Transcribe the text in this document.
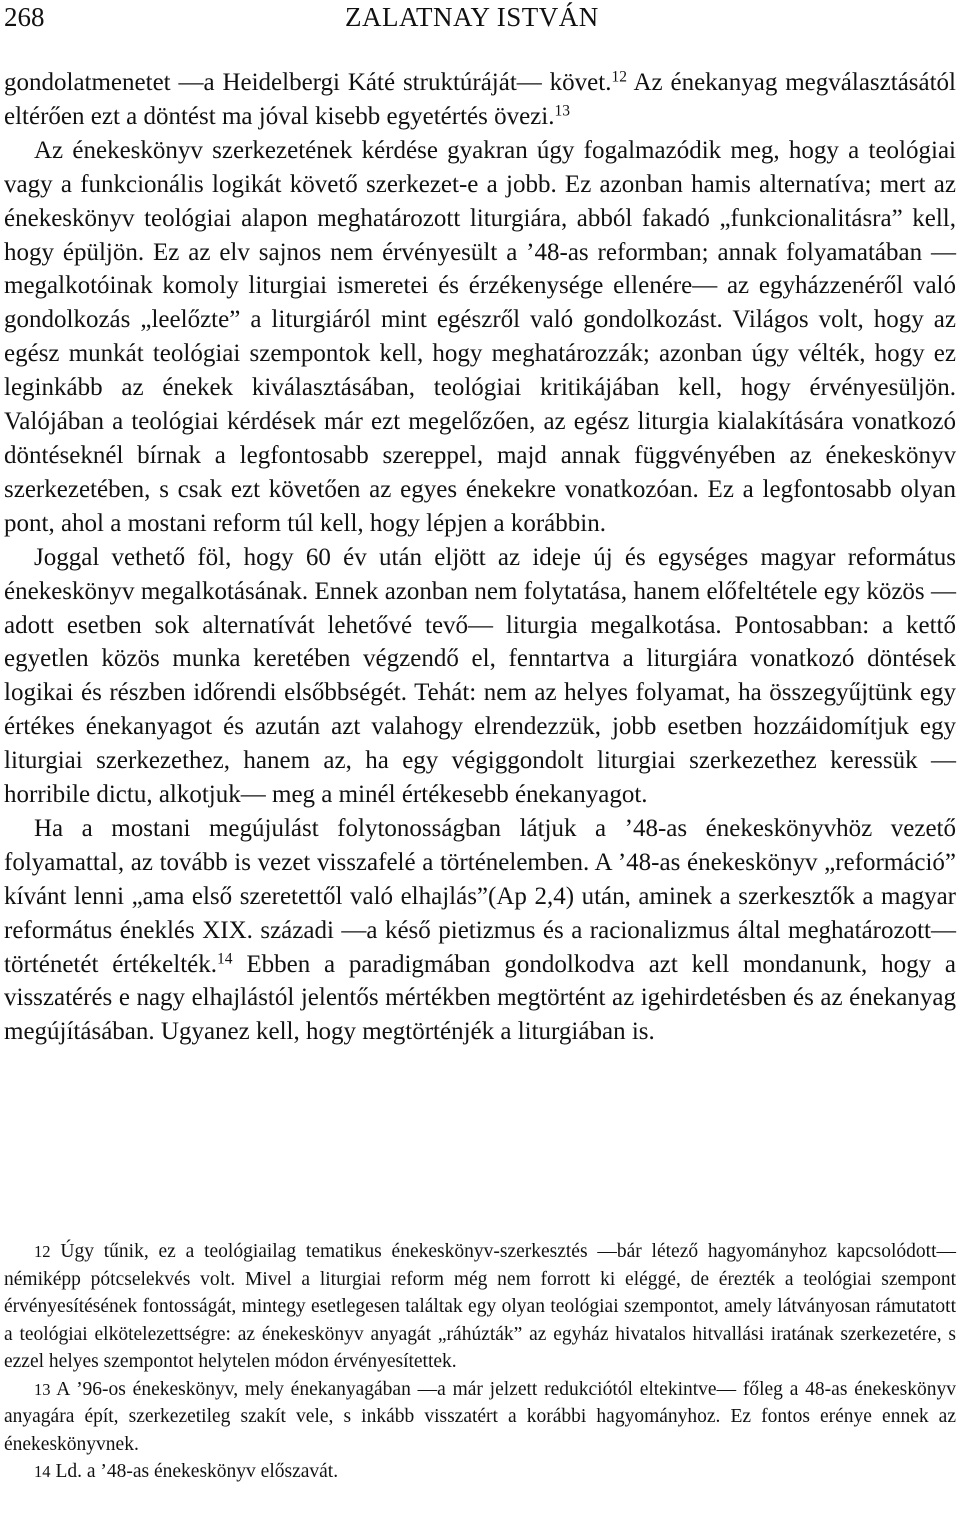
268	ZALATNAY ISTVÁN

gondolatmenetet —a Heidelbergi Káté struktúráját— követ.$^{12}$ Az énekanyag megválasztásától eltérően ezt a döntést ma jóval kisebb egyetértés övezi.$^{13}$

Az énekeskönyv szerkezetének kérdése gyakran úgy fogalmazódik meg, hogy a teológiai vagy a funkcionális logikát követő szerkezet-e a jobb. Ez azonban hamis alternatíva; mert az énekeskönyv teológiai alapon meghatározott liturgiára, abból fakadó „funkcionalitásra” kell, hogy épüljön. Ez az elv sajnos nem érvényesült a ’48-as reformban; annak folyamatában —megalkotóinak komoly liturgiai ismeretei és érzékenysége ellenére— az egyházzenéről való gondolkozás „leelőzte” a liturgiáról mint egészről való gondolkozást. Világos volt, hogy az egész munkát teológiai szempontok kell, hogy meghatározzák; azonban úgy vélték, hogy ez leginkább az énekek kiválasztásában, teológiai kritikájában kell, hogy érvényesüljön. Valójában a teológiai kérdések már ezt megelőzően, az egész liturgia kialakítására vonatkozó döntéseknél bírnak a legfontosabb szereppel, majd annak függvényében az énekeskönyv szerkezetében, s csak ezt követően az egyes énekekre vonatkozóan. Ez a legfontosabb olyan pont, ahol a mostani reform túl kell, hogy lépjen a korábbin.

Joggal vethető föl, hogy 60 év után eljött az ideje új és egységes magyar református énekeskönyv megalkotásának. Ennek azonban nem folytatása, hanem előfeltétele egy közös —adott esetben sok alternatívát lehetővé tevő— liturgia megalkotása. Pontosabban: a kettő egyetlen közös munka keretében végzendő el, fenntartva a liturgiára vonatkozó döntések logikai és részben időrendi elsőbbségét. Tehát: nem az helyes folyamat, ha összegyűjtünk egy értékes énekanyagot és azután azt valahogy elrendezzük, jobb esetben hozzáidomítjuk egy liturgiai szerkezethez, hanem az, ha egy végiggondolt liturgiai szerkezethez keressük —horribile dictu, alkotjuk— meg a minél értékesebb énekanyagot.

Ha a mostani megújulást folytonosságban látjuk a ’48-as énekeskönyvhöz vezető folyamattal, az tovább is vezet visszafelé a történelemben. A ’48-as énekeskönyv „reformáció” kívánt lenni „ama első szeretettől való elhajlás”(Ap 2,4) után, aminek a szerkesztők a magyar református éneklés XIX. századi —a késő pietizmus és a racionalizmus által meghatározott— történetét értékelték.$^{14}$ Ebben a paradigmában gondolkodva azt kell mondanunk, hogy a visszatérés e nagy elhajlástól jelentős mértékben megtörtént az igehirdetésben és az énekanyag megújításában. Ugyanez kell, hogy megtörténjék a liturgiában is.

12 Úgy tűnik, ez a teológiailag tematikus énekeskönyv-szerkesztés —bár létező hagyományhoz kapcsolódott— némiképp pótcselekvés volt. Mivel a liturgiai reform még nem forrott ki eléggé, de érezték a teológiai szempont érvényesítésének fontosságát, mintegy esetlegesen találtak egy olyan teológiai szempontot, amely látványosan rámutatott a teológiai elkötelezettségre: az énekeskönyv anyagát „ráhúzták” az egyház hivatalos hitvallási iratának szerkezetére, s ezzel helyes szempontot helytelen módon érvényesítettek.

13 A ’96-os énekeskönyv, mely énekanyagában —a már jelzett redukciótól eltekintve— főleg a 48-as énekeskönyv anyagára épít, szerkezetileg szakít vele, s inkább visszatért a korábbi hagyományhoz. Ez fontos erénye ennek az énekeskönyvnek.

14 Ld. a ’48-as énekeskönyv előszavát.
